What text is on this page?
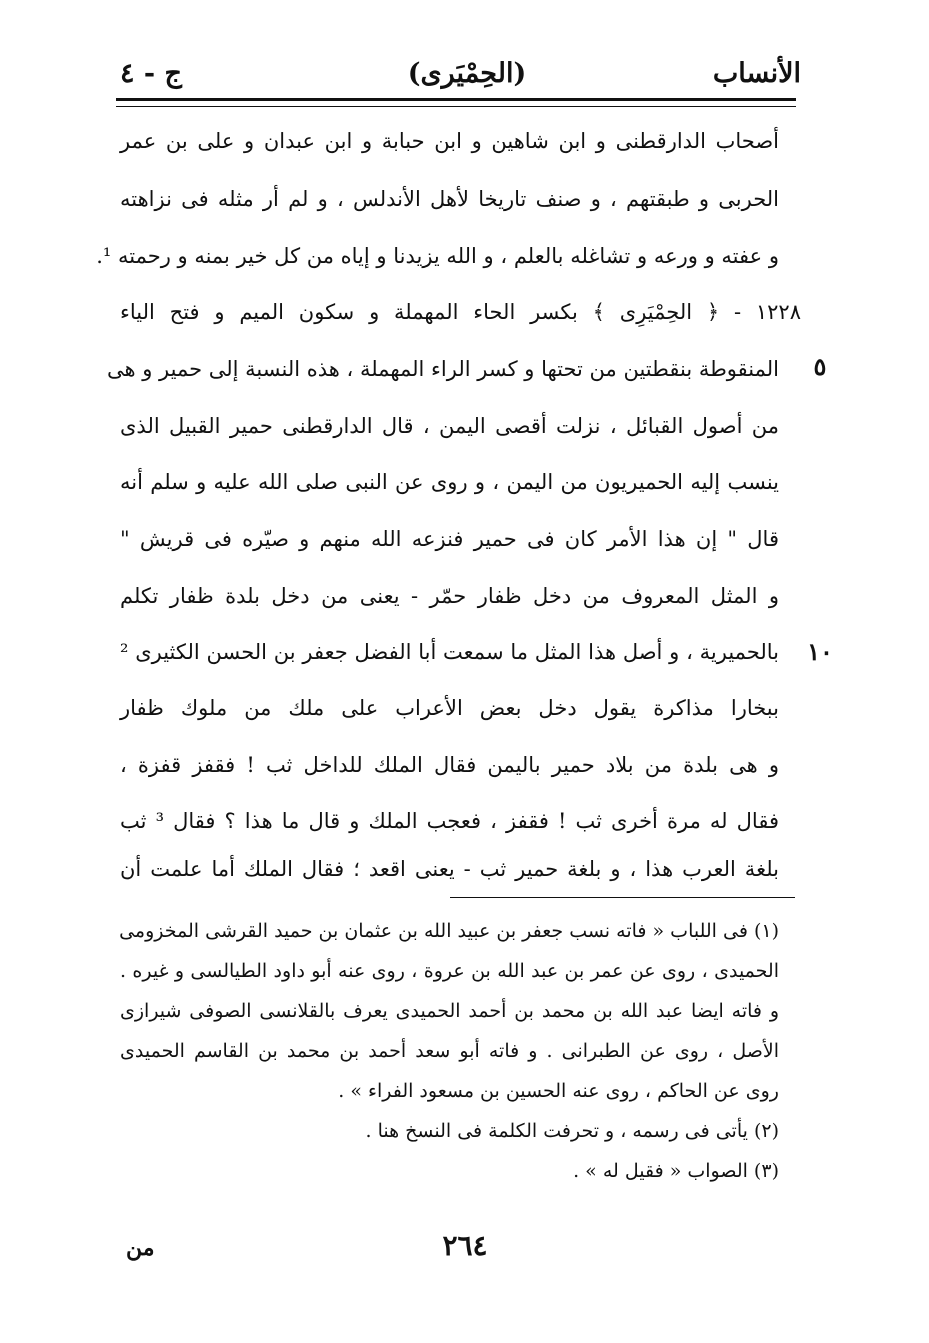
الأنساب
(الحِمْيَرى)
ج - ٤
أصحاب الدارقطنى و ابن شاهين و ابن حبابة و ابن عبدان و على بن عمر
الحربى و طبقتهم ، و صنف تاريخا لأهل الأندلس ، و لم أر مثله فى نزاهته
و عفته و ورعه و تشاغله بالعلم ، و الله يزيدنا و إياه من كل خير بمنه و رحمته ¹.
١٢٢٨ - ﴿ الحِمْيَرِى ﴾ بكسر الحاء المهملة و سكون الميم و فتح الياء
المنقوطة بنقطتين من تحتها و كسر الراء المهملة ، هذه النسبة إلى حمير و هى	٥
من أصول القبائل ، نزلت أقصى اليمن ، قال الدارقطنى حمير القبيل الذى
ينسب إليه الحميريون من اليمن ، و روى عن النبى صلى الله عليه و سلم أنه
قال " إن هذا الأمر كان فى حمير فنزعه الله منهم و صيّره فى قريش "
و المثل المعروف من دخل ظفار حمّر - يعنى من دخل بلدة ظفار تكلم
بالحميرية ، و أصل هذا المثل ما سمعت أبا الفضل جعفر بن الحسن الكثيرى ² ١٠
ببخارا مذاكرة يقول دخل بعض الأعراب على ملك من ملوك ظفار
و هى بلدة من بلاد حمير باليمن فقال الملك للداخل ثب ! فقفز قفزة ،
فقال له مرة أخرى ثب ! فقفز ، فعجب الملك و قال ما هذا ؟ فقال ³ ثب
بلغة العرب هذا ، و بلغة حمير ثب - يعنى اقعد ؛ فقال الملك أما علمت أن
(١) فى اللباب « فاته نسب جعفر بن عبيد الله بن عثمان بن حميد القرشى المخزومى
الحميدى ، روى عن عمر بن عبد الله بن عروة ، روى عنه أبو داود الطيالسى و غيره .
و فاته ايضا عبد الله بن محمد بن أحمد الحميدى يعرف بالقلانسى الصوفى شيرازى
الأصل ، روى عن الطبرانى . و فاته أبو سعد أحمد بن محمد بن القاسم الحميدى
روى عن الحاكم ، روى عنه الحسين بن مسعود الفراء » .
(٢) يأتى فى رسمه ، و تحرفت الكلمة فى النسخ هنا .
(٣) الصواب « فقيل له » .
٢٦٤
من
